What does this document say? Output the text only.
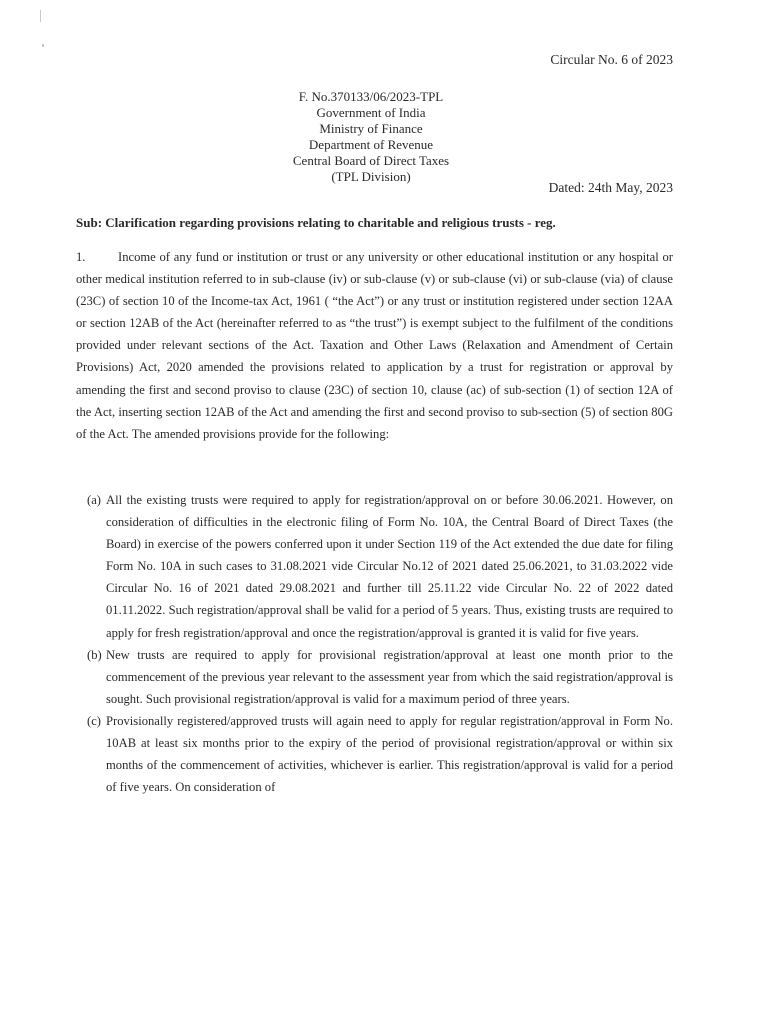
Circular No. 6 of 2023
F. No.370133/06/2023-TPL
Government of India
Ministry of Finance
Department of Revenue
Central Board of Direct Taxes
(TPL Division)
Dated: 24th May, 2023
Sub: Clarification regarding provisions relating to charitable and religious trusts - reg.

1.	Income of any fund or institution or trust or any university or other educational institution or any hospital or other medical institution referred to in sub-clause (iv) or sub-clause (v) or sub-clause (vi) or sub-clause (via) of clause (23C) of section 10 of the Income-tax Act, 1961 ( “the Act”) or any trust or institution registered under section 12AA or section 12AB of the Act (hereinafter referred to as “the trust”) is exempt subject to the fulfilment of the conditions provided under relevant sections of the Act. Taxation and Other Laws (Relaxation and Amendment of Certain Provisions) Act, 2020 amended the provisions related to application by a trust for registration or approval by amending the first and second proviso to clause (23C) of section 10, clause (ac) of sub-section (1) of section 12A of the Act, inserting section 12AB of the Act and amending the first and second proviso to sub-section (5) of section 80G of the Act. The amended provisions provide for the following:

(a) All the existing trusts were required to apply for registration/approval on or before 30.06.2021. However, on consideration of difficulties in the electronic filing of Form No. 10A, the Central Board of Direct Taxes (the Board) in exercise of the powers conferred upon it under Section 119 of the Act extended the due date for filing Form No. 10A in such cases to 31.08.2021 vide Circular No.12 of 2021 dated 25.06.2021, to 31.03.2022 vide Circular No. 16 of 2021 dated 29.08.2021 and further till 25.11.22 vide Circular No. 22 of 2022 dated 01.11.2022. Such registration/approval shall be valid for a period of 5 years. Thus, existing trusts are required to apply for fresh registration/approval and once the registration/approval is granted it is valid for five years.
(b) New trusts are required to apply for provisional registration/approval at least one month prior to the commencement of the previous year relevant to the assessment year from which the said registration/approval is sought. Such provisional registration/approval is valid for a maximum period of three years.
(c) Provisionally registered/approved trusts will again need to apply for regular registration/approval in Form No. 10AB at least six months prior to the expiry of the period of provisional registration/approval or within six months of the commencement of activities, whichever is earlier. This registration/approval is valid for a period of five years. On consideration of
